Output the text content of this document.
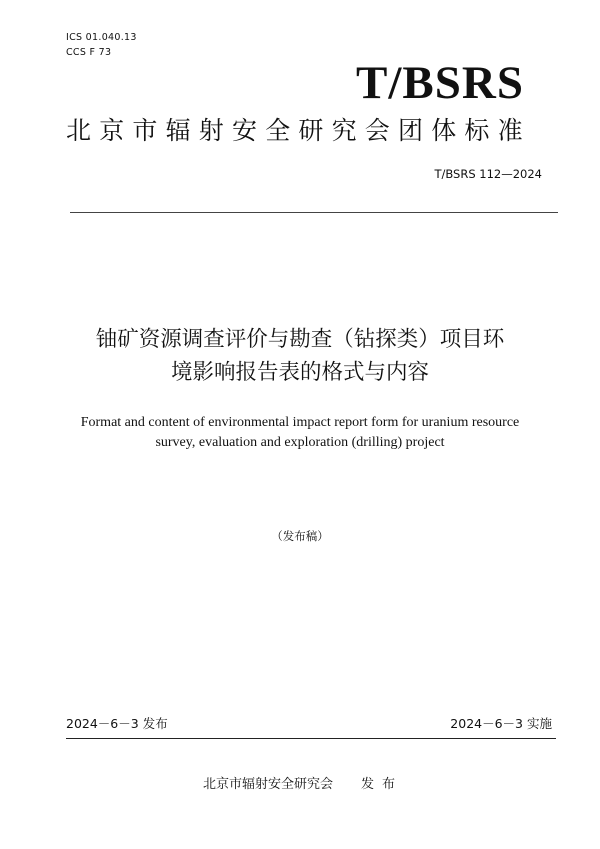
ICS 01.040.13
CCS F 73
T/BSRS
北京市辐射安全研究会团体标准
T/BSRS 112—2024
铀矿资源调查评价与勘查（钻探类）项目环
境影响报告表的格式与内容
Format and content of environmental impact report form for uranium resource
survey, evaluation and exploration (drilling) project
（发布稿）
2024－6－3 发布	2024－6－3 实施
北京市辐射安全研究会 发布
